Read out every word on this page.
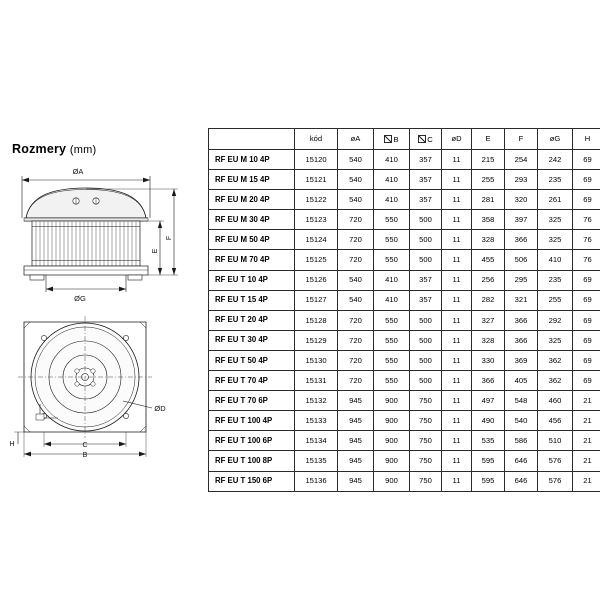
Rozmery (mm)
ØA
ØG
E
F
ØD
C
B
H
	kód	øA	B	C	øD	E	F	øG	H
RF EU M 10 4P	15120	540	410	357	11	215	254	242	69
RF EU M 15 4P	15121	540	410	357	11	255	293	235	69
RF EU M 20 4P	15122	540	410	357	11	281	320	261	69
RF EU M 30 4P	15123	720	550	500	11	358	397	325	76
RF EU M 50 4P	15124	720	550	500	11	328	366	325	76
RF EU M 70 4P	15125	720	550	500	11	455	506	410	76
RF EU T 10 4P	15126	540	410	357	11	256	295	235	69
RF EU T 15 4P	15127	540	410	357	11	282	321	255	69
RF EU T 20 4P	15128	720	550	500	11	327	366	292	69
RF EU T 30 4P	15129	720	550	500	11	328	366	325	69
RF EU T 50 4P	15130	720	550	500	11	330	369	362	69
RF EU T 70 4P	15131	720	550	500	11	366	405	362	69
RF EU T 70 6P	15132	945	900	750	11	497	548	460	21
RF EU T 100 4P	15133	945	900	750	11	490	540	456	21
RF EU T 100 6P	15134	945	900	750	11	535	586	510	21
RF EU T 100 8P	15135	945	900	750	11	595	646	576	21
RF EU T 150 6P	15136	945	900	750	11	595	646	576	21
